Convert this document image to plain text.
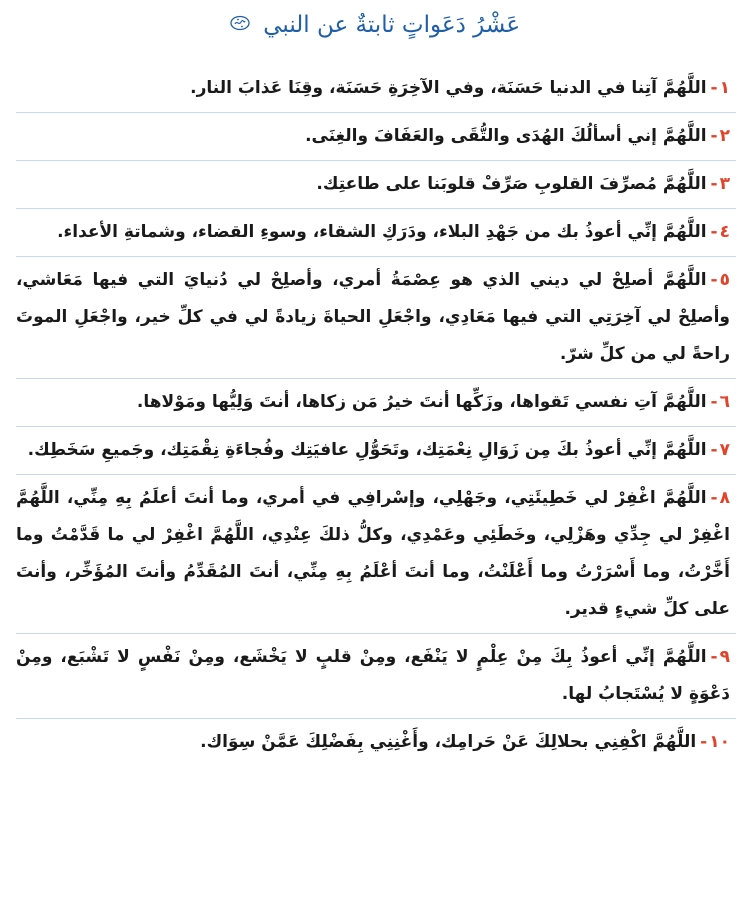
عَشْرُ دَعَواتٍ ثابتةٌ عن النبي
١-اللَّهُمَّ آتِنا في الدنيا حَسَنَة، وفي الآخِرَةِ حَسَنَة، وقِنَا عَذابَ النار.
٢-اللَّهُمَّ إني أسألُكَ الهُدَى والتُّقَى والعَفَافَ والغِنَى.
٣-اللَّهُمَّ مُصرِّفَ القلوبِ صَرِّفْ قلوبَنا على طاعتِك.
٤-اللَّهُمَّ إنِّي أعوذُ بك من جَهْدِ البلاء، ودَرَكِ الشقاء، وسوءِ القضاء، وشماتةِ الأعداء.
٥-اللَّهُمَّ أصلِحْ لي ديني الذي هو عِصْمَةُ أمري، وأصلِحْ لي دُنيايَ التي فيها مَعَاشي، وأصلِحْ لي آخِرَتِي التي فيها مَعَادِي، واجْعَلِ الحياةَ زيادةً لي في كلِّ خير، واجْعَلِ الموتَ راحةً لي من كلِّ شرّ.
٦-اللَّهُمَّ آتِ نفسي تَقواها، وزَكِّها أنتَ خيرُ مَن زكاها، أنتَ وَلِيُّها ومَوْلاها.
٧-اللَّهُمَّ إنِّي أعوذُ بكَ مِن زَوَالِ نِعْمَتِك، وتَحَوُّلِ عافيَتِك وفُجاءَةِ نِقْمَتِك، وجَميعِ سَخَطِك.
٨-اللَّهُمَّ اغْفِرْ لي خَطِيئَتِي، وجَهْلِي، وإسْرافِي في أمري، وما أنتَ أعلَمُ بِهِ مِنِّي، اللَّهُمَّ اغْفِرْ لي جِدِّي وهَزْلِي، وخَطَئِي وعَمْدِي، وكلُّ ذلكَ عِنْدِي، اللَّهُمَّ اغْفِرْ لي ما قَدَّمْتُ وما أَخَّرْتُ، وما أَسْرَرْتُ وما أَعْلَنْتُ، وما أنتَ أعْلَمُ بِهِ مِنِّي، أنتَ المُقَدِّمُ وأنتَ المُؤَخِّر، وأنتَ على كلِّ شيءٍ قدير.
٩-اللَّهُمَّ إنِّي أعوذُ بِكَ مِنْ عِلْمٍ لا يَنْفَع، ومِنْ قلبٍ لا يَخْشَع، ومِنْ نَفْسٍ لا تَشْبَع، ومِنْ دَعْوَةٍ لا يُسْتَجابُ لها.
١٠-اللَّهُمَّ اكْفِنِي بحلالِكَ عَنْ حَرامِك، وأَغْنِنِي بِفَضْلِكَ عَمَّنْ سِوَاك.
